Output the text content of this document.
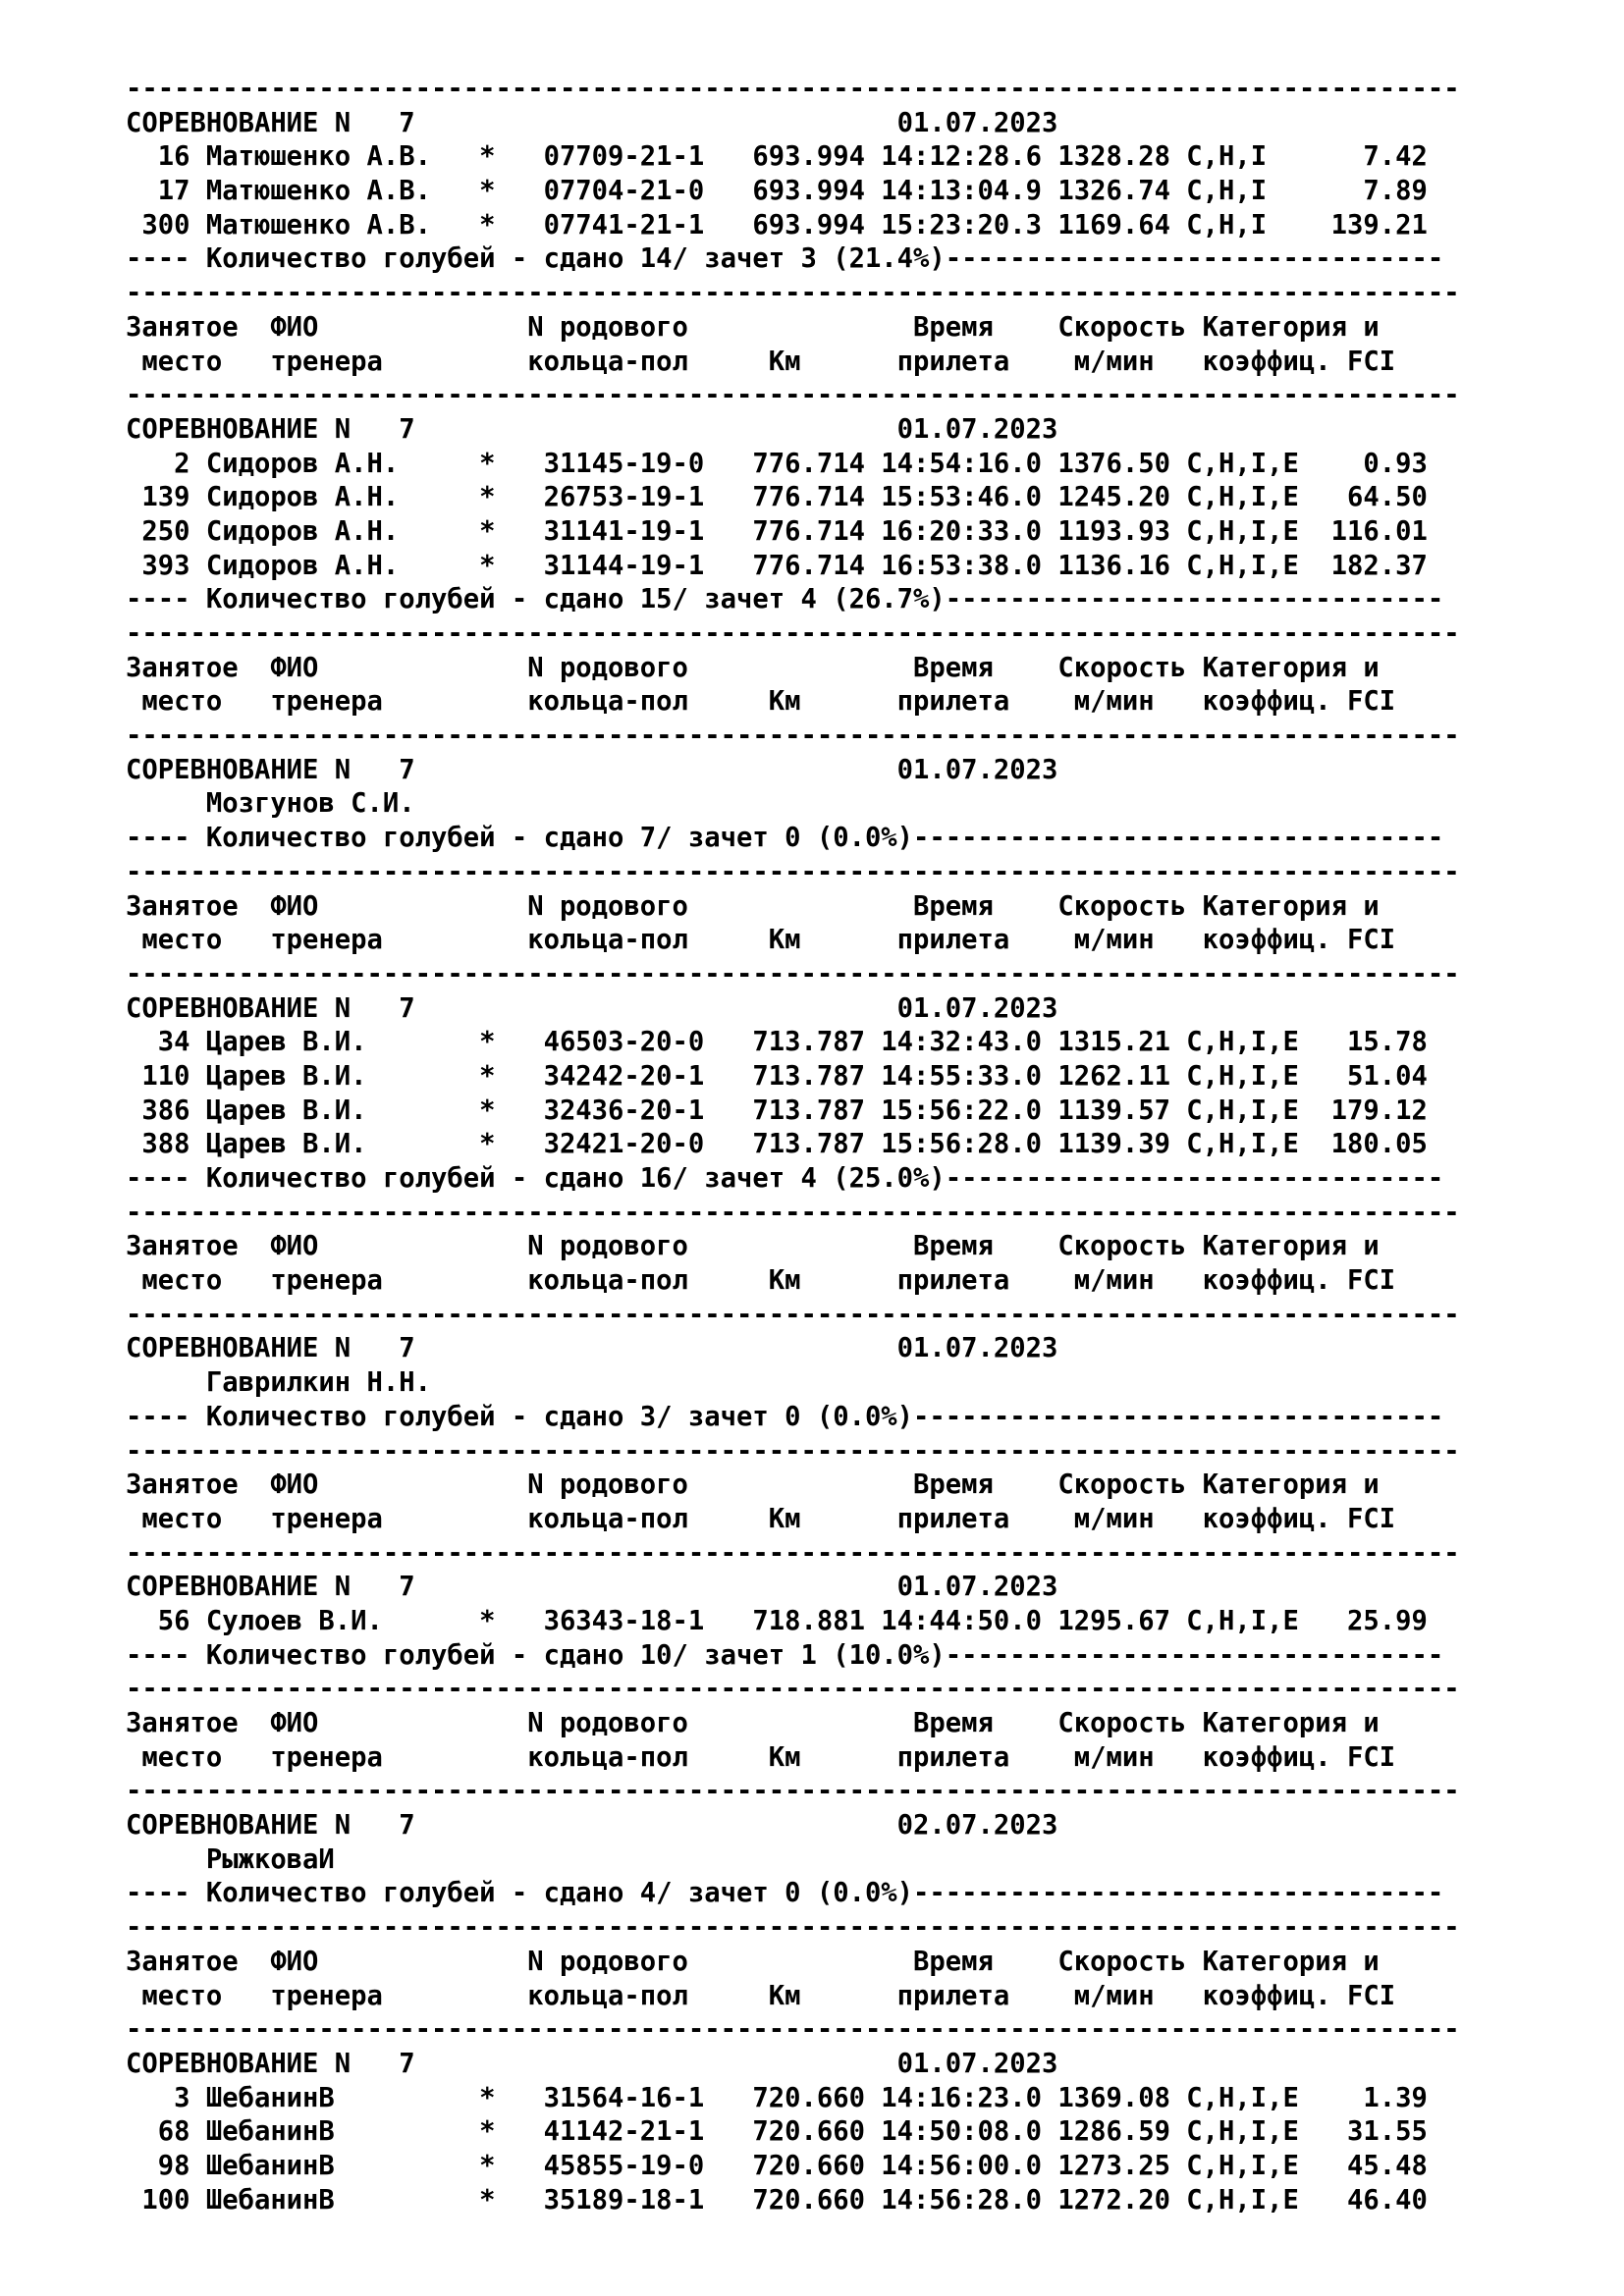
-----------------------------------------------------------------------------------
СОРЕВНОВАНИЕ N   7                              01.07.2023
16 Матюшенко А.В.   *   07709-21-1   693.994 14:12:28.6 1328.28 C,H,I      7.42
17 Матюшенко А.В.   *   07704-21-0   693.994 14:13:04.9 1326.74 C,H,I      7.89
300 Матюшенко А.В.   *   07741-21-1   693.994 15:23:20.3 1169.64 C,H,I    139.21
---- Количество голубей - сдано 14/ зачет 3 (21.4%)-------------------------------
-----------------------------------------------------------------------------------
Занятое  ФИО             N родового              Время    Скорость Категория и
место   тренера         кольца-пол     Км      прилета    м/мин   коэффиц. FCI
-----------------------------------------------------------------------------------
СОРЕВНОВАНИЕ N   7                              01.07.2023
2 Сидоров А.Н.     *   31145-19-0   776.714 14:54:16.0 1376.50 C,H,I,E    0.93
139 Сидоров А.Н.     *   26753-19-1   776.714 15:53:46.0 1245.20 C,H,I,E   64.50
250 Сидоров А.Н.     *   31141-19-1   776.714 16:20:33.0 1193.93 C,H,I,E  116.01
393 Сидоров А.Н.     *   31144-19-1   776.714 16:53:38.0 1136.16 C,H,I,E  182.37
---- Количество голубей - сдано 15/ зачет 4 (26.7%)-------------------------------
-----------------------------------------------------------------------------------
Занятое  ФИО             N родового              Время    Скорость Категория и
место   тренера         кольца-пол     Км      прилета    м/мин   коэффиц. FCI
-----------------------------------------------------------------------------------
СОРЕВНОВАНИЕ N   7                              01.07.2023
Мозгунов С.И.
---- Количество голубей - сдано 7/ зачет 0 (0.0%)---------------------------------
-----------------------------------------------------------------------------------
Занятое  ФИО             N родового              Время    Скорость Категория и
место   тренера         кольца-пол     Км      прилета    м/мин   коэффиц. FCI
-----------------------------------------------------------------------------------
СОРЕВНОВАНИЕ N   7                              01.07.2023
34 Царев В.И.       *   46503-20-0   713.787 14:32:43.0 1315.21 C,H,I,E   15.78
110 Царев В.И.       *   34242-20-1   713.787 14:55:33.0 1262.11 C,H,I,E   51.04
386 Царев В.И.       *   32436-20-1   713.787 15:56:22.0 1139.57 C,H,I,E  179.12
388 Царев В.И.       *   32421-20-0   713.787 15:56:28.0 1139.39 C,H,I,E  180.05
---- Количество голубей - сдано 16/ зачет 4 (25.0%)-------------------------------
-----------------------------------------------------------------------------------
Занятое  ФИО             N родового              Время    Скорость Категория и
место   тренера         кольца-пол     Км      прилета    м/мин   коэффиц. FCI
-----------------------------------------------------------------------------------
СОРЕВНОВАНИЕ N   7                              01.07.2023
Гаврилкин Н.Н.
---- Количество голубей - сдано 3/ зачет 0 (0.0%)---------------------------------
-----------------------------------------------------------------------------------
Занятое  ФИО             N родового              Время    Скорость Категория и
место   тренера         кольца-пол     Км      прилета    м/мин   коэффиц. FCI
-----------------------------------------------------------------------------------
СОРЕВНОВАНИЕ N   7                              01.07.2023
56 Сулоев В.И.      *   36343-18-1   718.881 14:44:50.0 1295.67 C,H,I,E   25.99
---- Количество голубей - сдано 10/ зачет 1 (10.0%)-------------------------------
-----------------------------------------------------------------------------------
Занятое  ФИО             N родового              Время    Скорость Категория и
место   тренера         кольца-пол     Км      прилета    м/мин   коэффиц. FCI
-----------------------------------------------------------------------------------
СОРЕВНОВАНИЕ N   7                              02.07.2023
РыжковаИ
---- Количество голубей - сдано 4/ зачет 0 (0.0%)---------------------------------
-----------------------------------------------------------------------------------
Занятое  ФИО             N родового              Время    Скорость Категория и
место   тренера         кольца-пол     Км      прилета    м/мин   коэффиц. FCI
-----------------------------------------------------------------------------------
СОРЕВНОВАНИЕ N   7                              01.07.2023
3 ШебанинВ         *   31564-16-1   720.660 14:16:23.0 1369.08 C,H,I,E    1.39
68 ШебанинВ         *   41142-21-1   720.660 14:50:08.0 1286.59 C,H,I,E   31.55
98 ШебанинВ         *   45855-19-0   720.660 14:56:00.0 1273.25 C,H,I,E   45.48
100 ШебанинВ         *   35189-18-1   720.660 14:56:28.0 1272.20 C,H,I,E   46.40
